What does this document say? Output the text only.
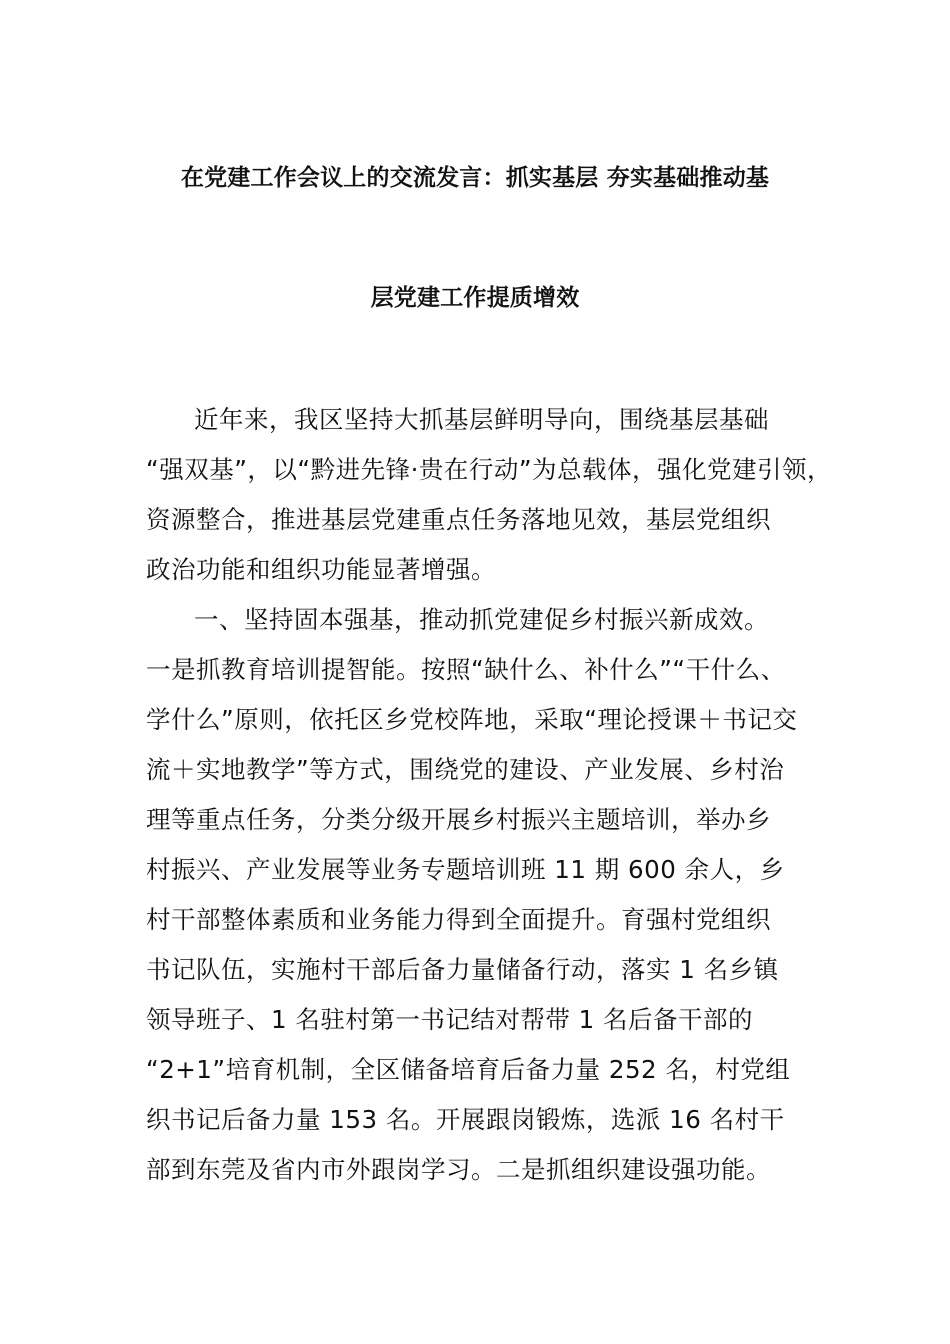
在党建工作会议上的交流发言：抓实基层 夯实基础推动基
层党建工作提质增效
近年来，我区坚持大抓基层鲜明导向，围绕基层基础
“强双基”，以“黔进先锋·贵在行动”为总载体，强化党建引领，
资源整合，推进基层党建重点任务落地见效，基层党组织
政治功能和组织功能显著增强。
一、坚持固本强基，推动抓党建促乡村振兴新成效。
一是抓教育培训提智能。按照“缺什么、补什么”“干什么、
学什么”原则，依托区乡党校阵地，采取“理论授课＋书记交
流＋实地教学”等方式，围绕党的建设、产业发展、乡村治
理等重点任务，分类分级开展乡村振兴主题培训，举办乡
村振兴、产业发展等业务专题培训班 11 期 600 余人，乡
村干部整体素质和业务能力得到全面提升。育强村党组织
书记队伍，实施村干部后备力量储备行动，落实 1 名乡镇
领导班子、1 名驻村第一书记结对帮带 1 名后备干部的
“2+1”培育机制，全区储备培育后备力量 252 名，村党组
织书记后备力量 153 名。开展跟岗锻炼，选派 16 名村干
部到东莞及省内市外跟岗学习。二是抓组织建设强功能。
